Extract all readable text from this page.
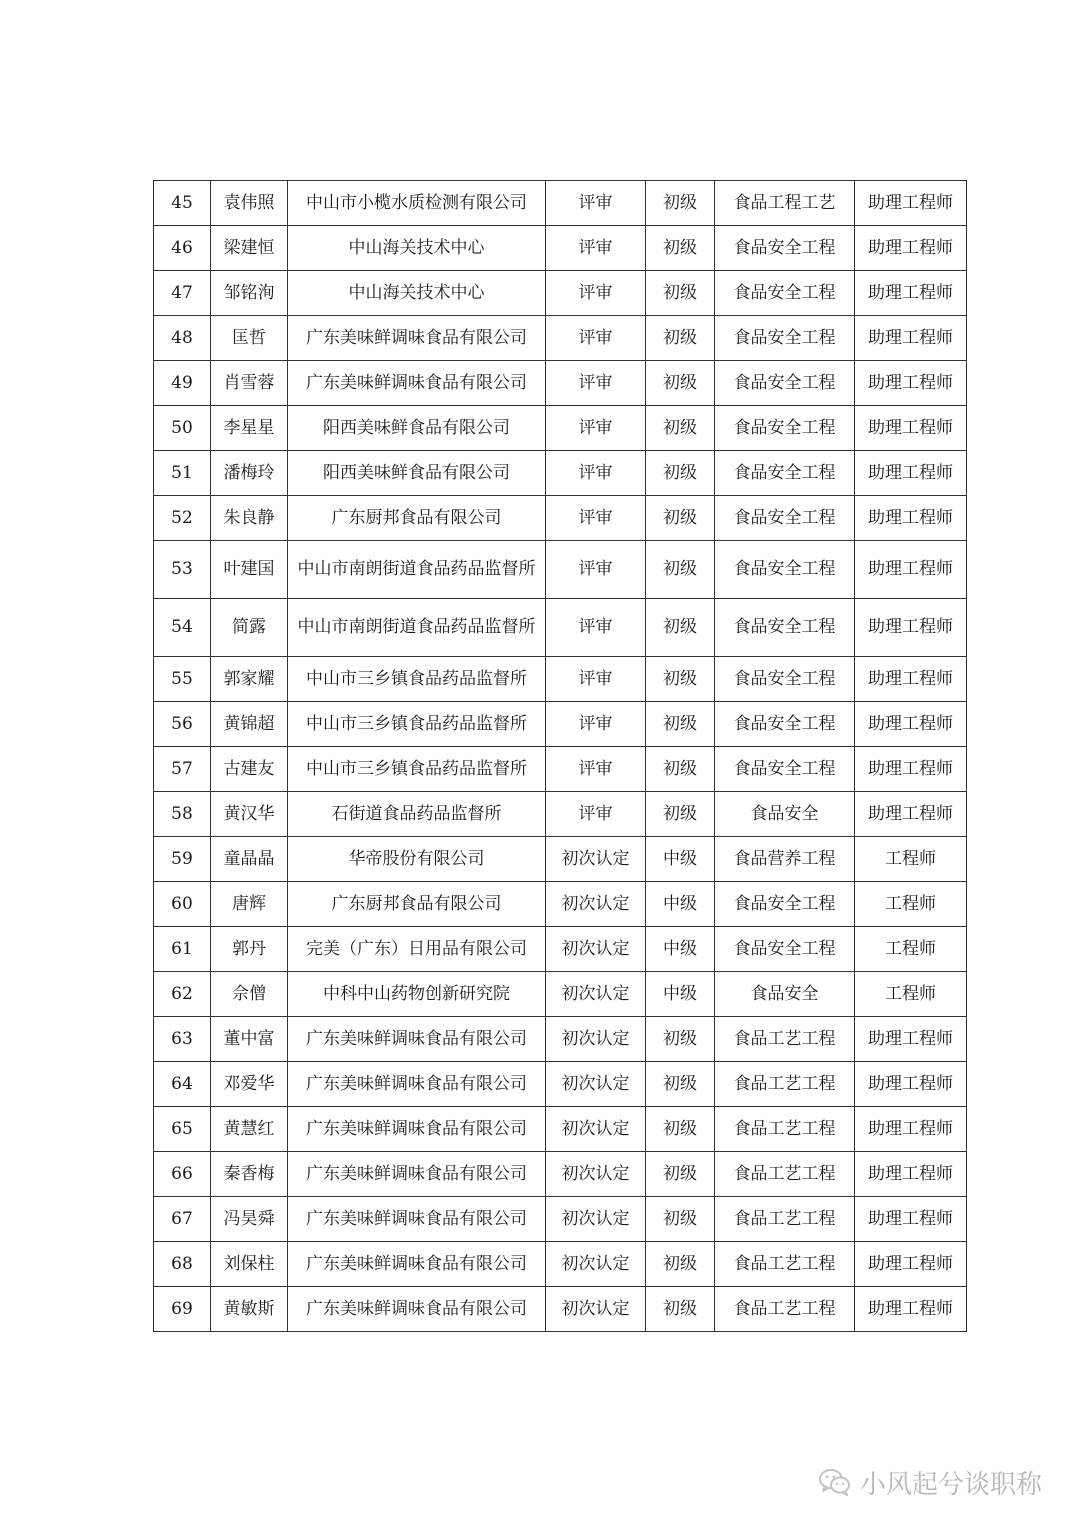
45	袁伟照	中山市小榄水质检测有限公司	评审	初级	食品工程工艺	助理工程师
46	梁建恒	中山海关技术中心	评审	初级	食品安全工程	助理工程师
47	邹铭洵	中山海关技术中心	评审	初级	食品安全工程	助理工程师
48	匡哲	广东美味鲜调味食品有限公司	评审	初级	食品安全工程	助理工程师
49	肖雪蓉	广东美味鲜调味食品有限公司	评审	初级	食品安全工程	助理工程师
50	李星星	阳西美味鲜食品有限公司	评审	初级	食品安全工程	助理工程师
51	潘梅玲	阳西美味鲜食品有限公司	评审	初级	食品安全工程	助理工程师
52	朱良静	广东厨邦食品有限公司	评审	初级	食品安全工程	助理工程师
53	叶建国	中山市南朗街道食品药品监督所	评审	初级	食品安全工程	助理工程师
54	简露	中山市南朗街道食品药品监督所	评审	初级	食品安全工程	助理工程师
55	郭家耀	中山市三乡镇食品药品监督所	评审	初级	食品安全工程	助理工程师
56	黄锦超	中山市三乡镇食品药品监督所	评审	初级	食品安全工程	助理工程师
57	古建友	中山市三乡镇食品药品监督所	评审	初级	食品安全工程	助理工程师
58	黄汉华	石街道食品药品监督所	评审	初级	食品安全	助理工程师
59	童晶晶	华帝股份有限公司	初次认定	中级	食品营养工程	工程师
60	唐辉	广东厨邦食品有限公司	初次认定	中级	食品安全工程	工程师
61	郭丹	完美（广东）日用品有限公司	初次认定	中级	食品安全工程	工程师
62	佘僧	中科中山药物创新研究院	初次认定	中级	食品安全	工程师
63	董中富	广东美味鲜调味食品有限公司	初次认定	初级	食品工艺工程	助理工程师
64	邓爱华	广东美味鲜调味食品有限公司	初次认定	初级	食品工艺工程	助理工程师
65	黄慧红	广东美味鲜调味食品有限公司	初次认定	初级	食品工艺工程	助理工程师
66	秦香梅	广东美味鲜调味食品有限公司	初次认定	初级	食品工艺工程	助理工程师
67	冯昊舜	广东美味鲜调味食品有限公司	初次认定	初级	食品工艺工程	助理工程师
68	刘保柱	广东美味鲜调味食品有限公司	初次认定	初级	食品工艺工程	助理工程师
69	黄敏斯	广东美味鲜调味食品有限公司	初次认定	初级	食品工艺工程	助理工程师
小风起兮谈职称
